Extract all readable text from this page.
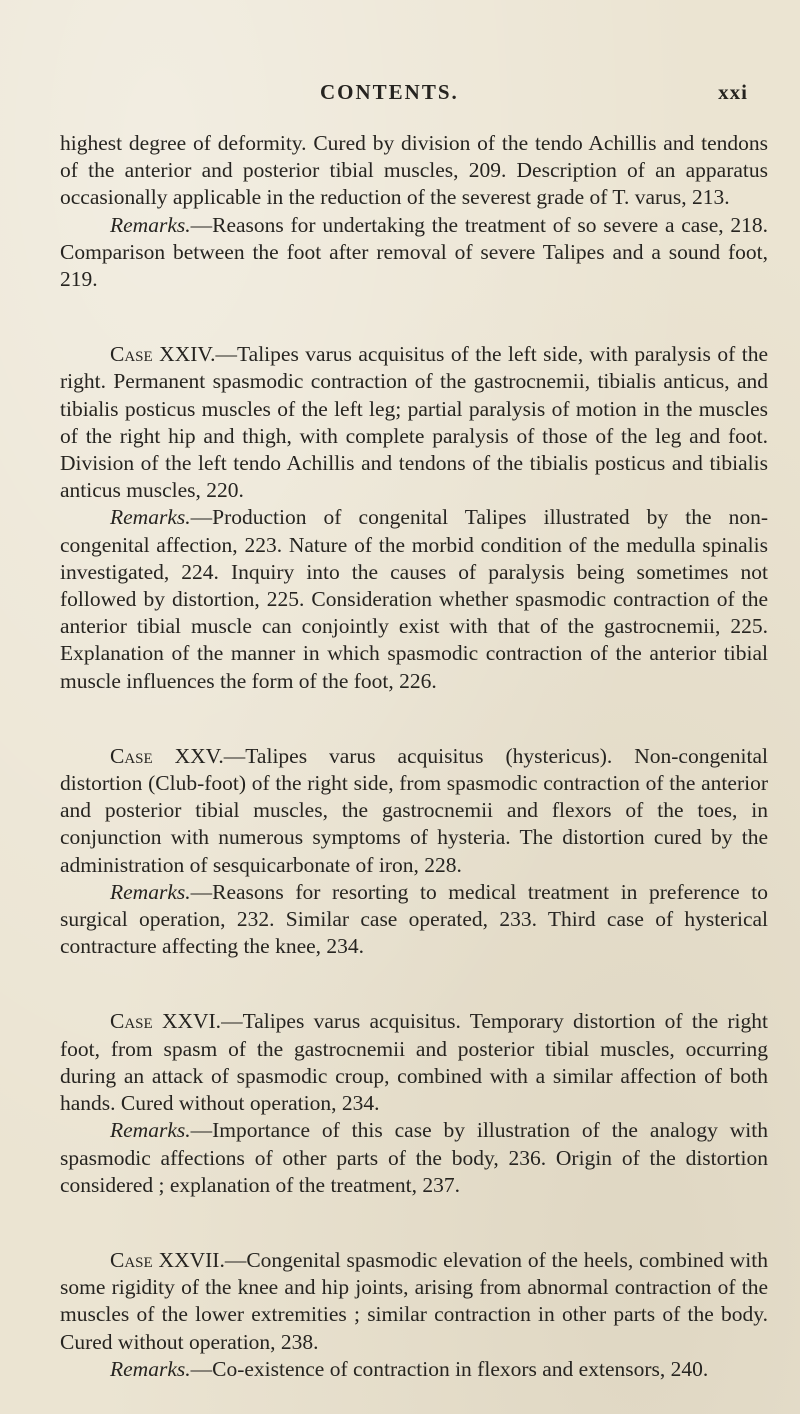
CONTENTS.	xxi

highest degree of deformity. Cured by division of the tendo Achillis and tendons of the anterior and posterior tibial muscles, 209. Description of an apparatus occasionally applicable in the reduction of the severest grade of T. varus, 213.

Remarks.—Reasons for undertaking the treatment of so severe a case, 218. Comparison between the foot after removal of severe Talipes and a sound foot, 219.

Case XXIV.—Talipes varus acquisitus of the left side, with paralysis of the right. Permanent spasmodic contraction of the gastrocnemii, tibialis anticus, and tibialis posticus muscles of the left leg; partial paralysis of motion in the muscles of the right hip and thigh, with complete paralysis of those of the leg and foot. Division of the left tendo Achillis and tendons of the tibialis posticus and tibialis anticus muscles, 220.

Remarks.—Production of congenital Talipes illustrated by the non-congenital affection, 223. Nature of the morbid condition of the medulla spinalis investigated, 224. Inquiry into the causes of paralysis being sometimes not followed by distortion, 225. Consideration whether spasmodic contraction of the anterior tibial muscle can conjointly exist with that of the gastrocnemii, 225. Explanation of the manner in which spasmodic contraction of the anterior tibial muscle influences the form of the foot, 226.

Case XXV.—Talipes varus acquisitus (hystericus). Non-congenital distortion (Club-foot) of the right side, from spasmodic contraction of the anterior and posterior tibial muscles, the gastrocnemii and flexors of the toes, in conjunction with numerous symptoms of hysteria. The distortion cured by the administration of sesquicarbonate of iron, 228.

Remarks.—Reasons for resorting to medical treatment in preference to surgical operation, 232. Similar case operated, 233. Third case of hysterical contracture affecting the knee, 234.

Case XXVI.—Talipes varus acquisitus. Temporary distortion of the right foot, from spasm of the gastrocnemii and posterior tibial muscles, occurring during an attack of spasmodic croup, combined with a similar affection of both hands. Cured without operation, 234.

Remarks.—Importance of this case by illustration of the analogy with spasmodic affections of other parts of the body, 236. Origin of the distortion considered ; explanation of the treatment, 237.

Case XXVII.—Congenital spasmodic elevation of the heels, combined with some rigidity of the knee and hip joints, arising from abnormal contraction of the muscles of the lower extremities ; similar contraction in other parts of the body. Cured without operation, 238.

Remarks.—Co-existence of contraction in flexors and extensors, 240.
